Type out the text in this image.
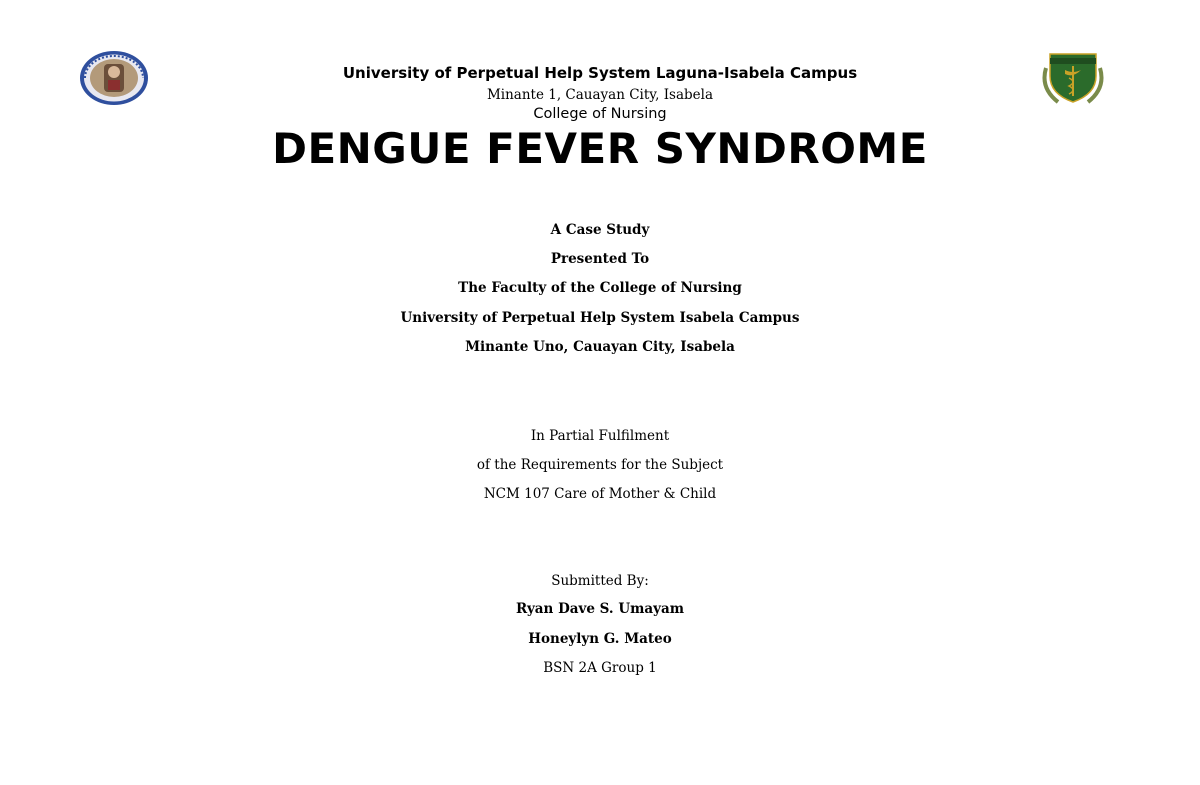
University of Perpetual Help System Laguna-Isabela Campus
Minante 1, Cauayan City, Isabela
College of Nursing
DENGUE FEVER SYNDROME
A Case Study
Presented To
The Faculty of the College of Nursing
University of Perpetual Help System Isabela Campus
Minante Uno, Cauayan City, Isabela
In Partial Fulfilment
of the Requirements for the Subject
NCM 107 Care of Mother & Child
Submitted By:
Ryan Dave S. Umayam
Honeylyn G. Mateo
BSN 2A Group 1
